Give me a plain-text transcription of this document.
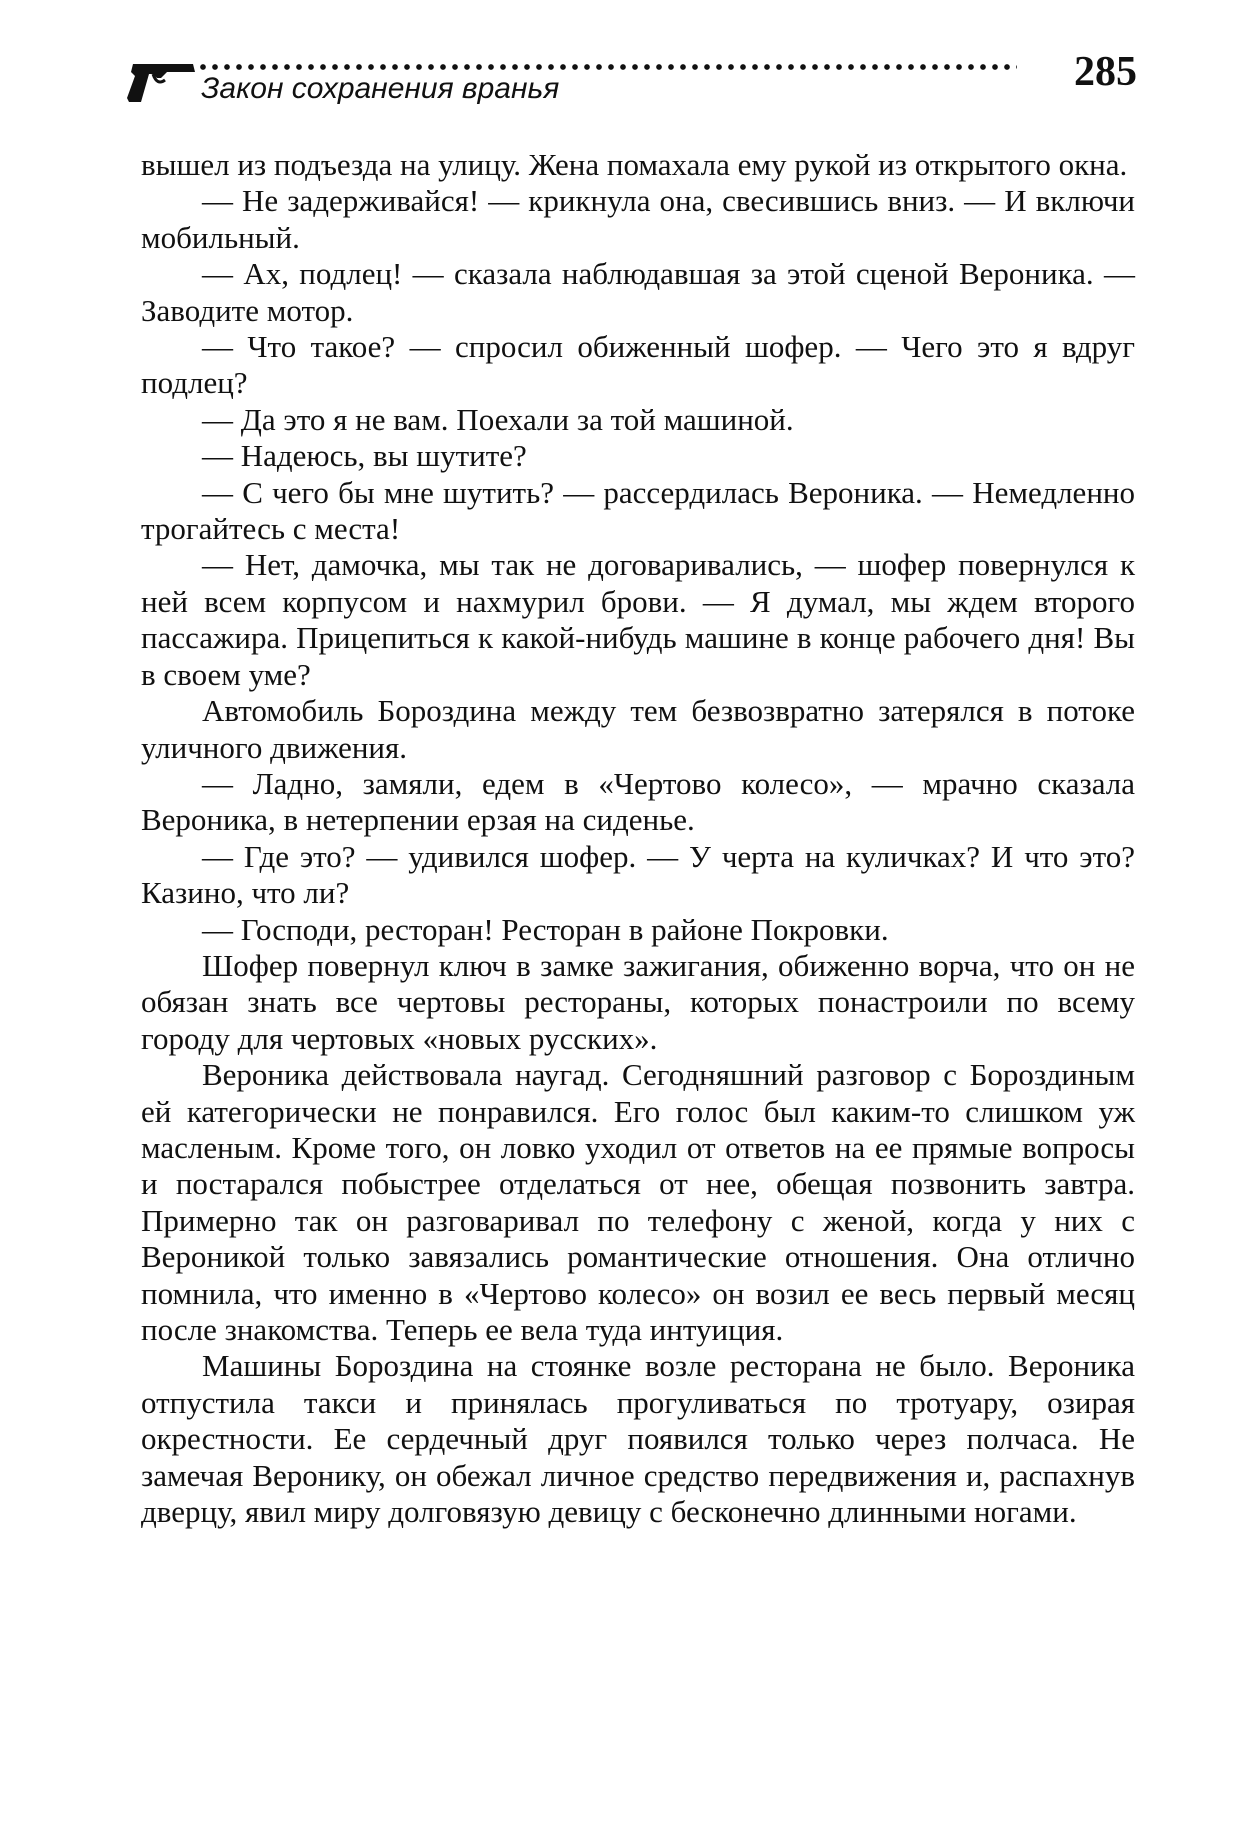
Закон сохранения вранья	285

вышел из подъезда на улицу. Жена помахала ему рукой из открытого окна.

— Не задерживайся! — крикнула она, свесившись вниз. — И включи мобильный.

— Ах, подлец! — сказала наблюдавшая за этой сценой Вероника. — Заводите мотор.

— Что такое? — спросил обиженный шофер. — Чего это я вдруг подлец?

— Да это я не вам. Поехали за той машиной.

— Надеюсь, вы шутите?

— С чего бы мне шутить? — рассердилась Вероника. — Немедленно трогайтесь с места!

— Нет, дамочка, мы так не договаривались, — шофер повернулся к ней всем корпусом и нахмурил брови. — Я думал, мы ждем второго пассажира. Прицепиться к какой-нибудь машине в конце рабочего дня! Вы в своем уме?

Автомобиль Бороздина между тем безвозвратно затерялся в потоке уличного движения.

— Ладно, замяли, едем в «Чертово колесо», — мрачно сказала Вероника, в нетерпении ерзая на сиденье.

— Где это? — удивился шофер. — У черта на куличках? И что это? Казино, что ли?

— Господи, ресторан! Ресторан в районе Покровки.

Шофер повернул ключ в замке зажигания, обиженно ворча, что он не обязан знать все чертовы рестораны, которых понастроили по всему городу для чертовых «новых русских».

Вероника действовала наугад. Сегодняшний разговор с Бороздиным ей категорически не понравился. Его голос был каким-то слишком уж масленым. Кроме того, он ловко уходил от ответов на ее прямые вопросы и постарался побыстрее отделаться от нее, обещая позвонить завтра. Примерно так он разговаривал по телефону с женой, когда у них с Вероникой только завязались романтические отношения. Она отлично помнила, что именно в «Чертово колесо» он возил ее весь первый месяц после знакомства. Теперь ее вела туда интуиция.

Машины Бороздина на стоянке возле ресторана не было. Вероника отпустила такси и принялась прогуливаться по тротуару, озирая окрестности. Ее сердечный друг появился только через полчаса. Не замечая Веронику, он обежал личное средство передвижения и, распахнув дверцу, явил миру долговязую девицу с бесконечно длинными ногами.
